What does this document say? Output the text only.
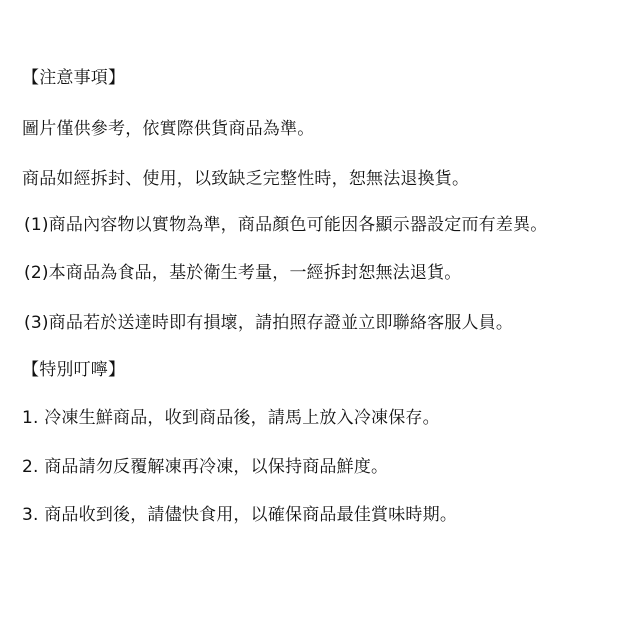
【注意事項】
圖片僅供參考，依實際供貨商品為準。
商品如經拆封、使用，以致缺乏完整性時，恕無法退換貨。
(1)商品內容物以實物為準，商品顏色可能因各顯示器設定而有差異。
(2)本商品為食品，基於衛生考量，一經拆封恕無法退貨。
(3)商品若於送達時即有損壞，請拍照存證並立即聯絡客服人員。
【特別叮嚀】
1. 冷凍生鮮商品，收到商品後，請馬上放入冷凍保存。
2. 商品請勿反覆解凍再冷凍，以保持商品鮮度。
3. 商品收到後，請儘快食用，以確保商品最佳賞味時期。
